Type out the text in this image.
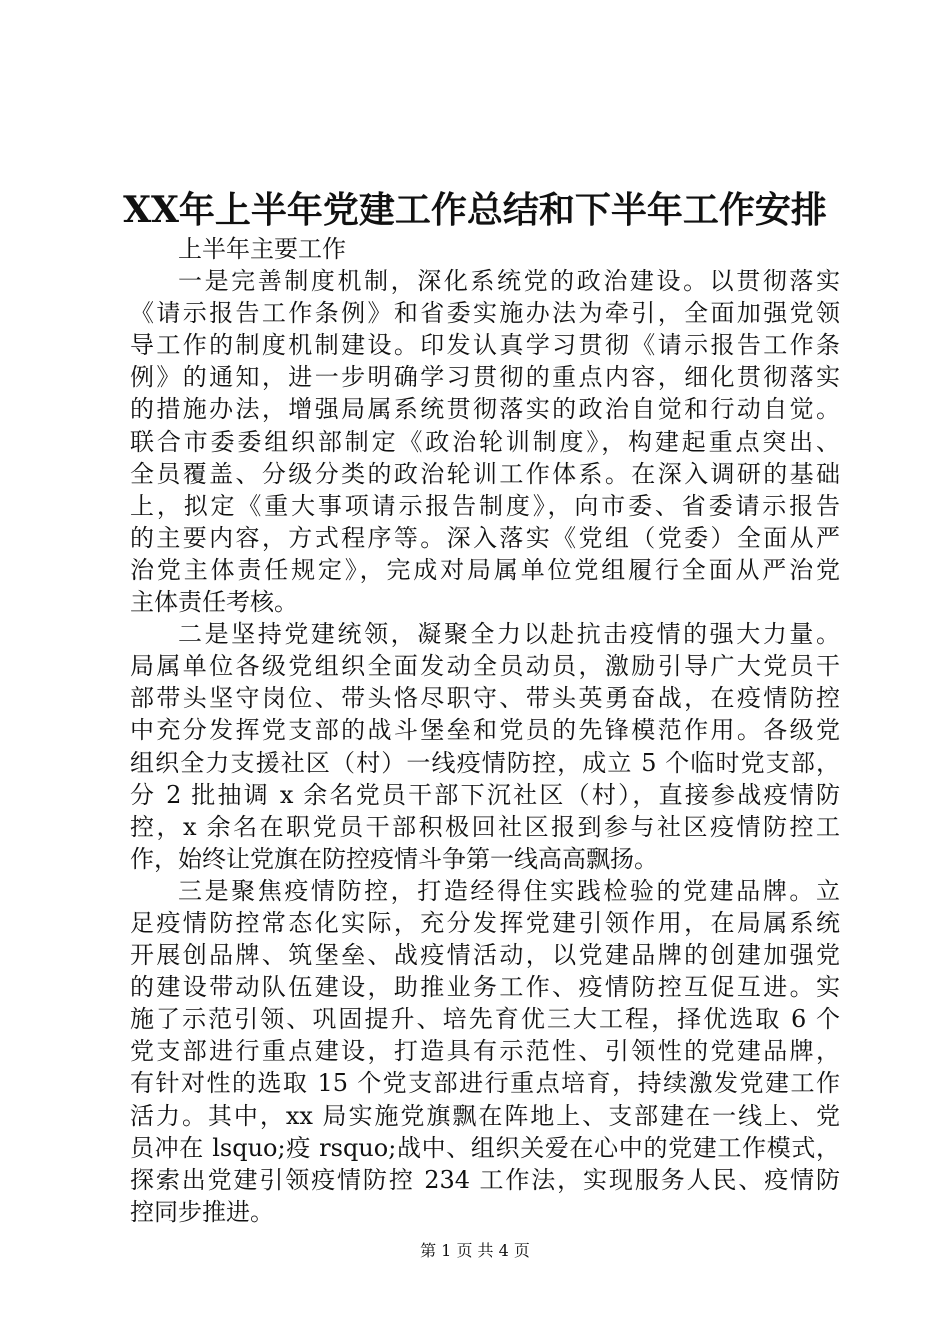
XX年上半年党建工作总结和下半年工作安排
上半年主要工作
一是完善制度机制，深化系统党的政治建设。以贯彻落实
《请示报告工作条例》和省委实施办法为牵引，全面加强党领
导工作的制度机制建设。印发认真学习贯彻《请示报告工作条
例》的通知，进一步明确学习贯彻的重点内容，细化贯彻落实
的措施办法，增强局属系统贯彻落实的政治自觉和行动自觉。
联合市委委组织部制定《政治轮训制度》，构建起重点突出、
全员覆盖、分级分类的政治轮训工作体系。在深入调研的基础
上，拟定《重大事项请示报告制度》，向市委、省委请示报告
的主要内容，方式程序等。深入落实《党组（党委）全面从严
治党主体责任规定》，完成对局属单位党组履行全面从严治党
主体责任考核。
二是坚持党建统领，凝聚全力以赴抗击疫情的强大力量。
局属单位各级党组织全面发动全员动员，激励引导广大党员干
部带头坚守岗位、带头恪尽职守、带头英勇奋战，在疫情防控
中充分发挥党支部的战斗堡垒和党员的先锋模范作用。各级党
组织全力支援社区（村）一线疫情防控，成立 5 个临时党支部，
分 2 批抽调 x 余名党员干部下沉社区（村），直接参战疫情防
控，x 余名在职党员干部积极回社区报到参与社区疫情防控工
作，始终让党旗在防控疫情斗争第一线高高飘扬。
三是聚焦疫情防控，打造经得住实践检验的党建品牌。立
足疫情防控常态化实际，充分发挥党建引领作用，在局属系统
开展创品牌、筑堡垒、战疫情活动，以党建品牌的创建加强党
的建设带动队伍建设，助推业务工作、疫情防控互促互进。实
施了示范引领、巩固提升、培先育优三大工程，择优选取 6 个
党支部进行重点建设，打造具有示范性、引领性的党建品牌，
有针对性的选取 15 个党支部进行重点培育，持续激发党建工作
活力。其中，xx 局实施党旗飘在阵地上、支部建在一线上、党
员冲在 lsquo;疫 rsquo;战中、组织关爱在心中的党建工作模式，
探索出党建引领疫情防控 234 工作法，实现服务人民、疫情防
控同步推进。
第 1 页 共 4 页
